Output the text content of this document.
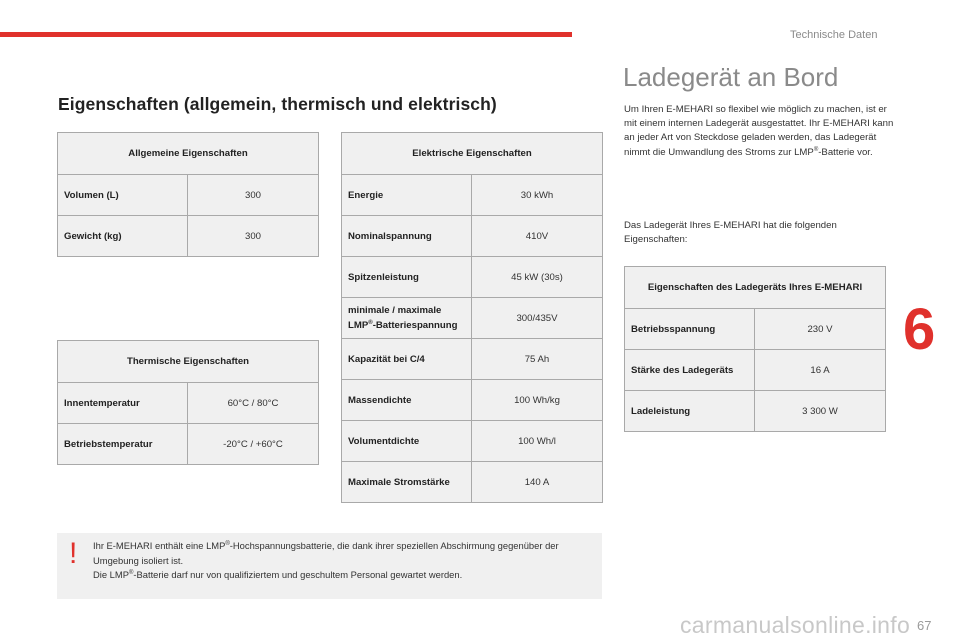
Technische Daten
Eigenschaften (allgemein, thermisch und elektrisch)
Allgemeine Eigenschaften	
Volumen (L)	300
Gewicht (kg)	300
Thermische Eigenschaften	
Innentemperatur	60°C / 80°C
Betriebstemperatur	-20°C / +60°C
Elektrische Eigenschaften	
Energie	30 kWh
Nominalspannung	410V
Spitzenleistung	45 kW (30s)
minimale / maximale
LMP®-Batteriespannung	300/435V
Kapazität bei C/4	75 Ah
Massendichte	100 Wh/kg
Volumentdichte	100 Wh/l
Maximale Stromstärke	140 A
Ladegerät an Bord

Um Ihren E-MEHARI so flexibel wie möglich zu machen, ist er mit einem internen Ladegerät ausgestattet. Ihr E-MEHARI kann an jeder Art von Steckdose geladen werden, das Ladegerät nimmt die Umwandlung des Stroms zur LMP®-Batterie vor.

Das Ladegerät Ihres E-MEHARI hat die folgenden Eigenschaften:

Eigenschaften des Ladegeräts Ihres E-MEHARI	
Betriebsspannung	230 V
Stärke des Ladegeräts	16 A
Ladeleistung	3 300 W
6
! Ihr E-MEHARI enthält eine LMP®-Hochspannungsbatterie, die dank ihrer speziellen Abschirmung gegenüber der Umgebung isoliert ist.
Die LMP®-Batterie darf nur von qualifiziertem und geschultem Personal gewartet werden.

carmanualsonline.info 67
